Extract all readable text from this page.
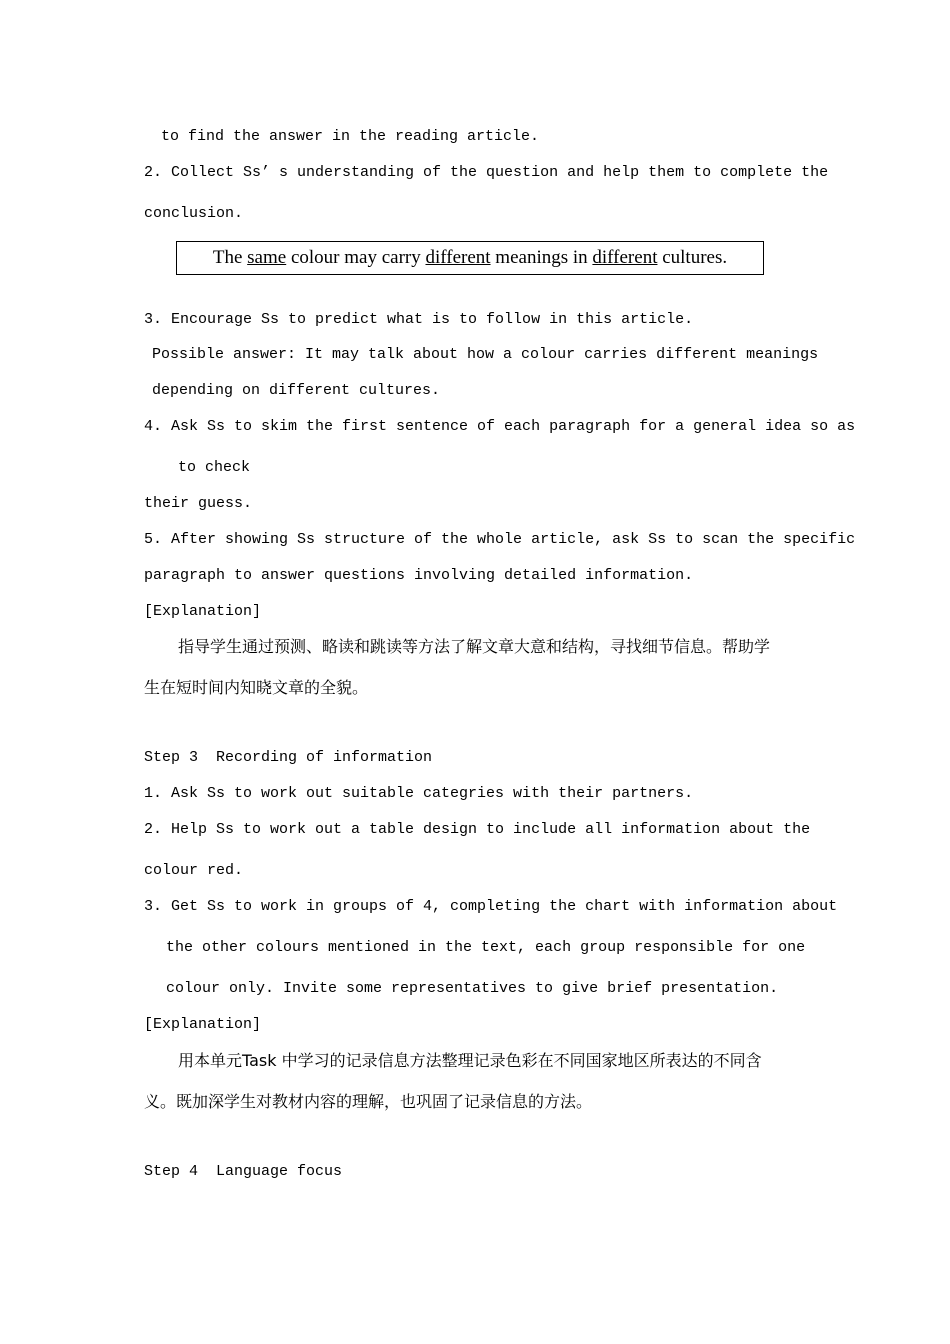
to find the answer in the reading article.
2. Collect Ss’ s understanding of the question and help them to complete the
conclusion.
The same colour may carry different meanings in different cultures.
3. Encourage Ss to predict what is to follow in this article.
Possible answer: It may talk about how a colour carries different meanings
depending on different cultures.
4. Ask Ss to skim the first sentence of each paragraph for a general idea so as
to check
their guess.
5. After showing Ss structure of the whole article, ask Ss to scan the specific
paragraph to answer questions involving detailed information.
[Explanation]
指导学生通过预测、略读和跳读等方法了解文章大意和结构，寻找细节信息。帮助学
生在短时间内知晓文章的全貌。
Step 3  Recording of information
1. Ask Ss to work out suitable categries with their partners.
2. Help Ss to work out a table design to include all information about the
colour red.
3. Get Ss to work in groups of 4, completing the chart with information about
the other colours mentioned in the text, each group responsible for one
colour only. Invite some representatives to give brief presentation.
[Explanation]
用本单元Task 中学习的记录信息方法整理记录色彩在不同国家地区所表达的不同含
义。既加深学生对教材内容的理解，也巩固了记录信息的方法。
Step 4  Language focus
